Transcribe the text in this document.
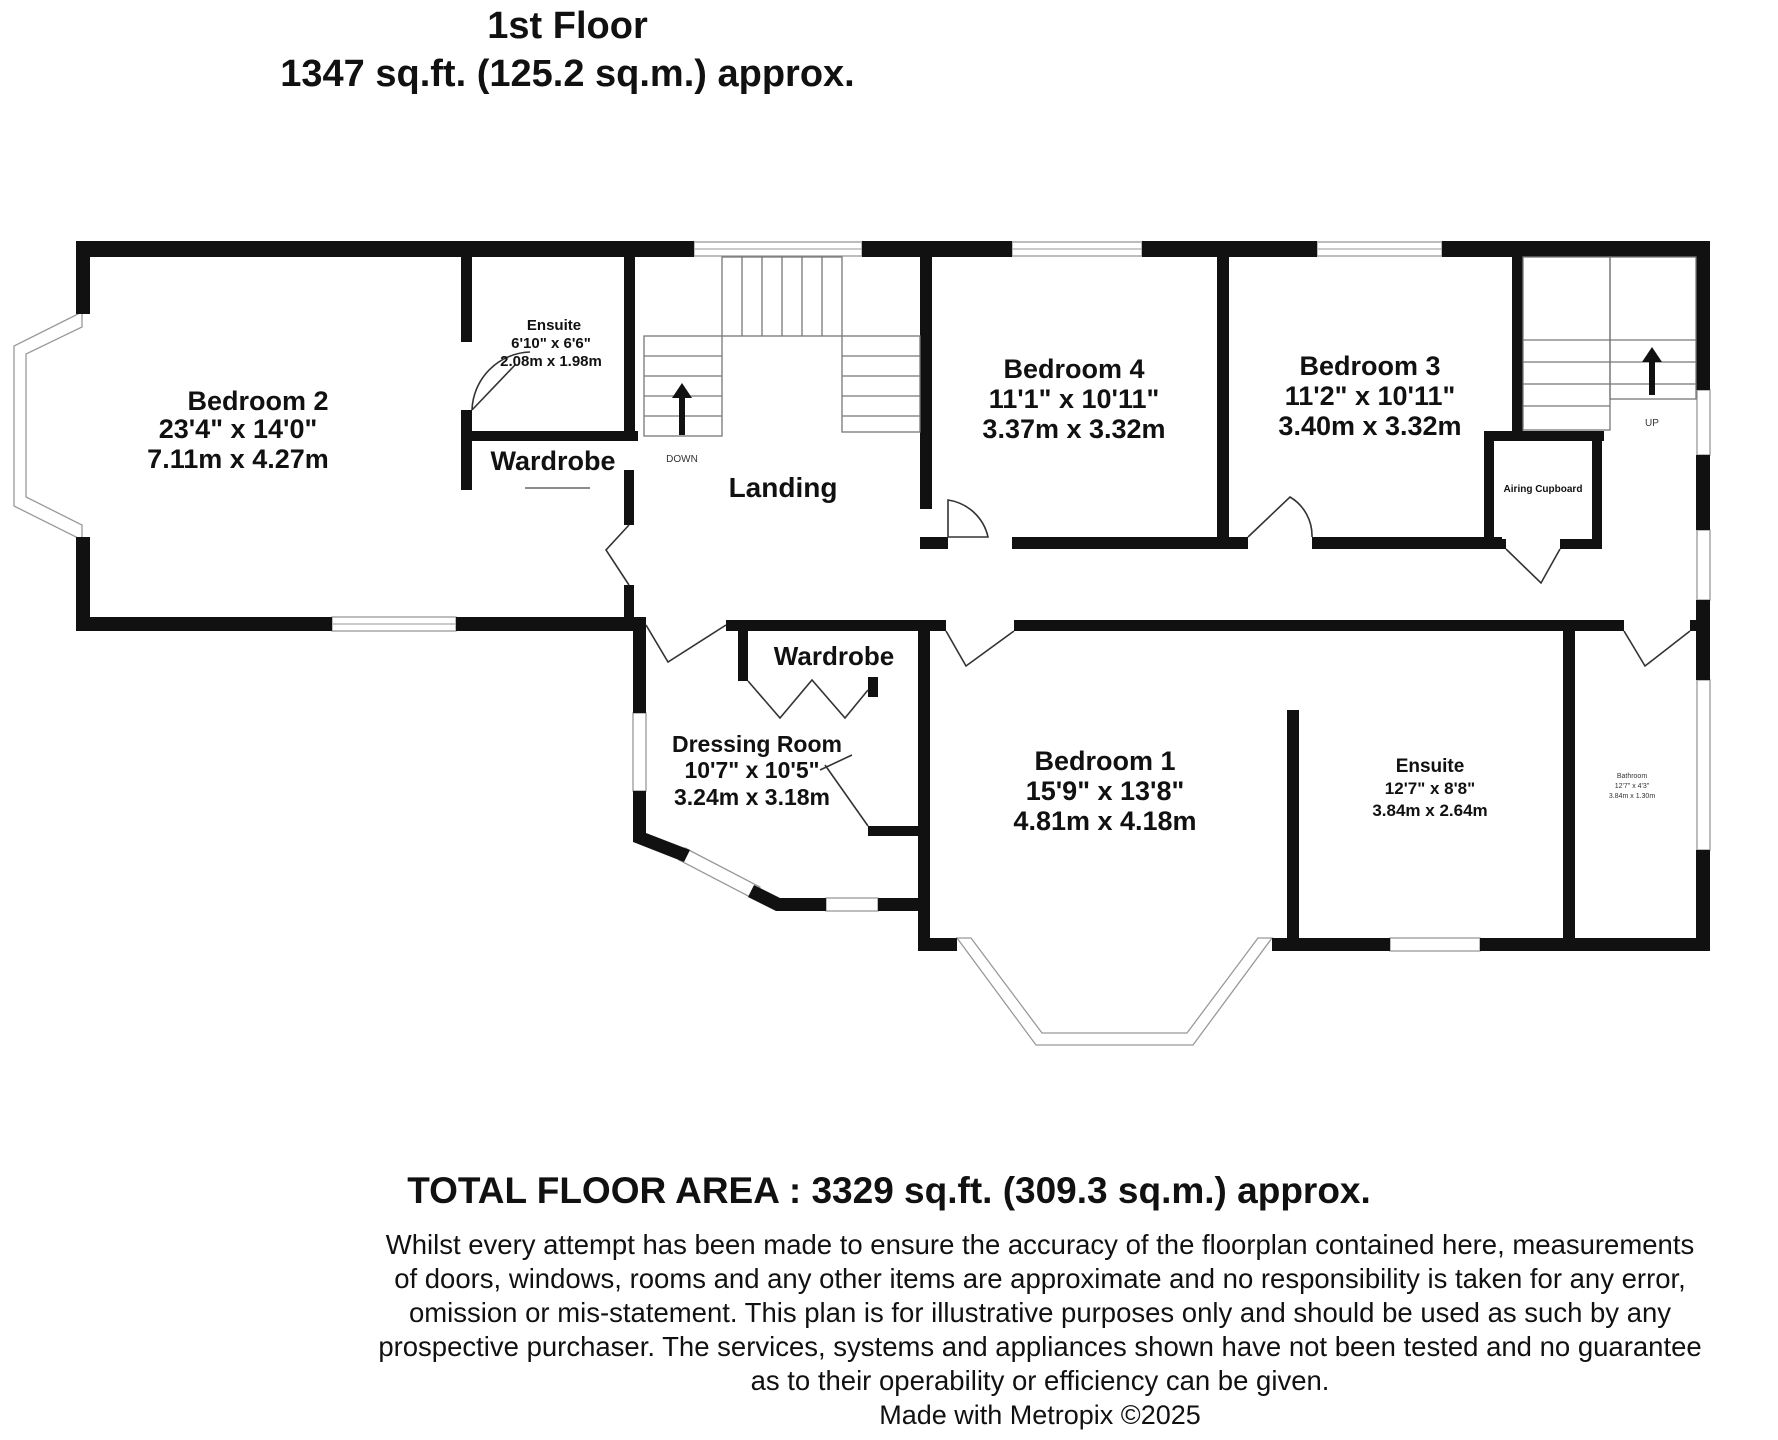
1st Floor
1347 sq.ft. (125.2 sq.m.) approx.
Bedroom 2
23'4" x 14'0"
7.11m x 4.27m
Ensuite
6'10" x 6'6"
2.08m x 1.98m
Wardrobe
Landing
DOWN
Bedroom 4
11'1" x 10'11"
3.37m x 3.32m
Bedroom 3
11'2" x 10'11"
3.40m x 3.32m
Airing Cupboard
UP
Wardrobe
Dressing Room
10'7" x 10'5"
3.24m x 3.18m
Bedroom 1
15'9" x 13'8"
4.81m x 4.18m
Ensuite
12'7" x 8'8"
3.84m x 2.64m
Bathroom
12'7" x 4'3"
3.84m x 1.30m
TOTAL FLOOR AREA : 3329 sq.ft. (309.3 sq.m.) approx.
Whilst every attempt has been made to ensure the accuracy of the floorplan contained here, measurements
of doors, windows, rooms and any other items are approximate and no responsibility is taken for any error,
omission or mis-statement. This plan is for illustrative purposes only and should be used as such by any
prospective purchaser. The services, systems and appliances shown have not been tested and no guarantee
as to their operability or efficiency can be given.
Made with Metropix ©2025
